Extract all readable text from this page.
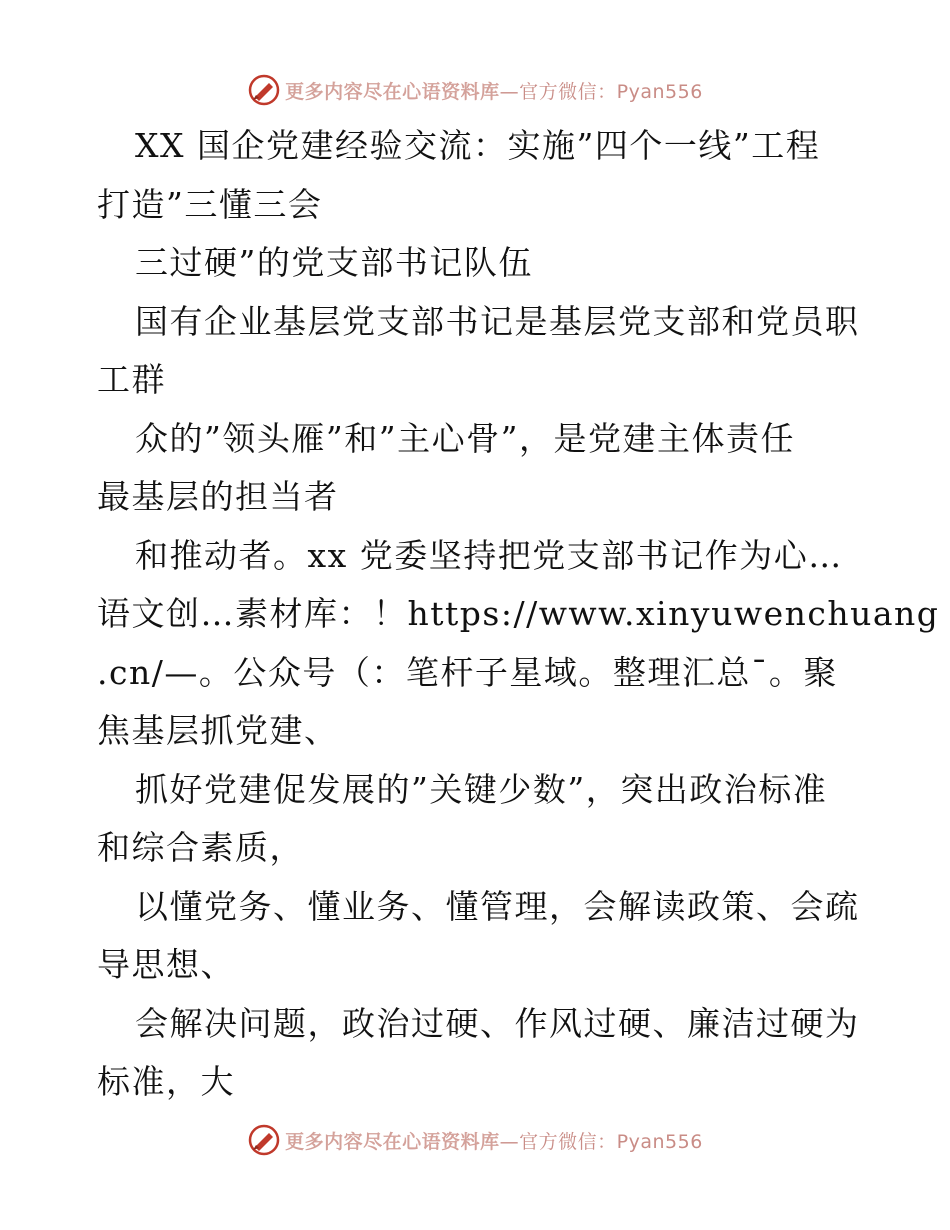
更多内容尽在心语资料库—官方微信：Pyan556
XX 国企党建经验交流：实施”四个一线”工程
打造”三懂三会
三过硬”的党支部书记队伍
国有企业基层党支部书记是基层党支部和党员职
工群
众的”领头雁”和”主心骨”，是党建主体责任
最基层的担当者
和推动者。xx 党委坚持把党支部书记作为心…
语文创…素材库：！https://www.xinyuwenchuang
.cn/—。公众号（：笔杆子星域。整理汇总¯。聚
焦基层抓党建、
抓好党建促发展的”关键少数”，突出政治标准
和综合素质，
以懂党务、懂业务、懂管理，会解读政策、会疏
导思想、
会解决问题，政治过硬、作风过硬、廉洁过硬为
标准，大
更多内容尽在心语资料库—官方微信：Pyan556
